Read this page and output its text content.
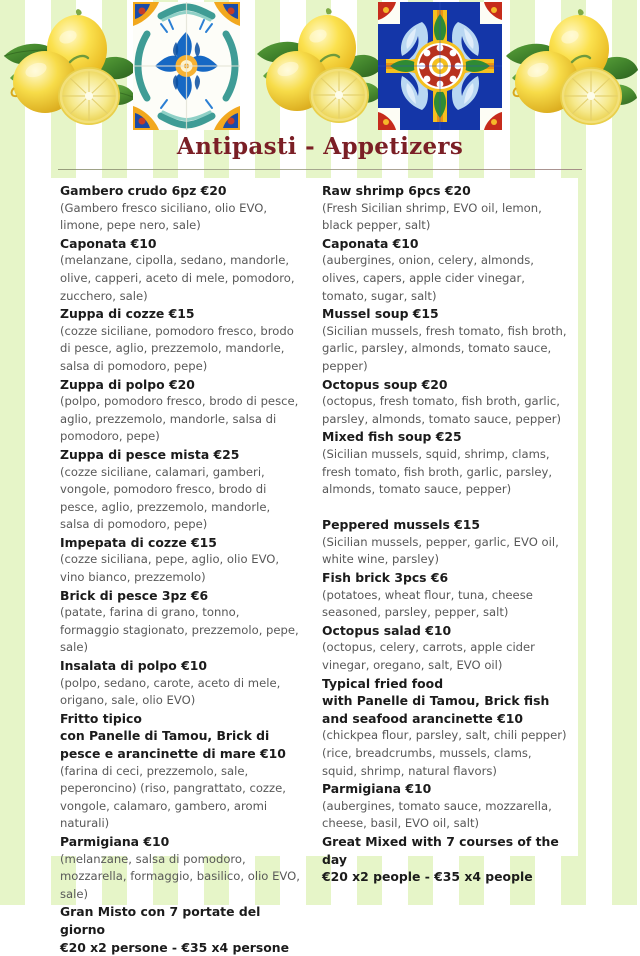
Antipasti - Appetizers
Gambero crudo 6pz €20
(Gambero fresco siciliano, olio EVO, limone, pepe nero, sale)
Caponata €10
(melanzane, cipolla, sedano, mandorle, olive, capperi, aceto di mele, pomodoro, zucchero, sale)
Zuppa di cozze €15
(cozze siciliane, pomodoro fresco, brodo di pesce, aglio, prezzemolo, mandorle, salsa di pomodoro, pepe)
Zuppa di polpo €20
(polpo, pomodoro fresco, brodo di pesce, aglio, prezzemolo, mandorle, salsa di pomodoro, pepe)
Zuppa di pesce mista €25
(cozze siciliane, calamari, gamberi, vongole, pomodoro fresco, brodo di pesce, aglio, prezzemolo, mandorle, salsa di pomodoro, pepe)
Impepata di cozze €15
(cozze siciliana, pepe, aglio, olio EVO, vino bianco, prezzemolo)
Brick di pesce 3pz €6
(patate, farina di grano, tonno, formaggio stagionato, prezzemolo, pepe, sale)
Insalata di polpo €10
(polpo, sedano, carote, aceto di mele, origano, sale, olio EVO)
Fritto tipico
con Panelle di Tamou, Brick di pesce e arancinette di mare €10
(farina di ceci, prezzemolo, sale, peperoncino) (riso, pangrattato, cozze, vongole, calamaro, gambero, aromi naturali)
Parmigiana €10
(melanzane, salsa di pomodoro, mozzarella, formaggio, basilico, olio EVO, sale)
Gran Misto con 7 portate del giorno
€20 x2 persone - €35 x4 persone
Raw shrimp 6pcs €20
(Fresh Sicilian shrimp, EVO oil, lemon, black pepper, salt)
Caponata €10
(aubergines, onion, celery, almonds, olives, capers, apple cider vinegar, tomato, sugar, salt)
Mussel soup €15
(Sicilian mussels, fresh tomato, fish broth, garlic, parsley, almonds, tomato sauce, pepper)
Octopus soup €20
(octopus, fresh tomato, fish broth, garlic, parsley, almonds, tomato sauce, pepper)
Mixed fish soup €25
(Sicilian mussels, squid, shrimp, clams, fresh tomato, fish broth, garlic, parsley, almonds, tomato sauce, pepper)

Peppered mussels €15
(Sicilian mussels, pepper, garlic, EVO oil, white wine, parsley)
Fish brick 3pcs €6
(potatoes, wheat flour, tuna, cheese seasoned, parsley, pepper, salt)
Octopus salad €10
(octopus, celery, carrots, apple cider vinegar, oregano, salt, EVO oil)
Typical fried food
with Panelle di Tamou, Brick fish and seafood arancinette €10
(chickpea flour, parsley, salt, chili pepper) (rice, breadcrumbs, mussels, clams, squid, shrimp, natural flavors)
Parmigiana €10
(aubergines, tomato sauce, mozzarella, cheese, basil, EVO oil, salt)
Great Mixed with 7 courses of the day
€20 x2 people - €35 x4 people
